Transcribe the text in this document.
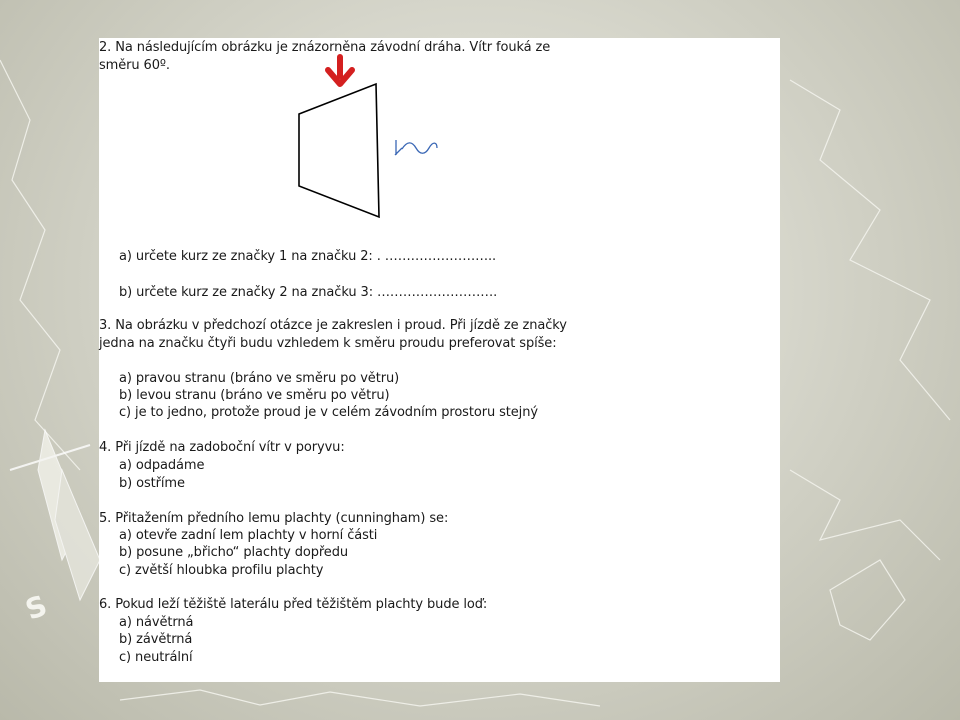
S

2. Na následujícím obrázku je znázorněna závodní dráha. Vítr fouká ze

směru 60º.

a) určete kurz ze značky 1 na značku 2: . ……………………..

b) určete kurz ze značky 2 na značku 3: ……………………….

3. Na obrázku v předchozí otázce je zakreslen i proud. Při jízdě ze značky

jedna na značku čtyři budu vzhledem k směru proudu preferovat spíše:

a) pravou stranu (bráno ve směru po větru)

b) levou stranu (bráno ve směru po větru)

c) je to jedno, protože proud je v celém závodním prostoru stejný

4. Při jízdě na zadoboční vítr v poryvu:

a) odpadáme

b) ostříme

5. Přitažením předního lemu plachty (cunningham) se:

a) otevře zadní lem plachty v horní části

b) posune „břicho“ plachty dopředu

c) zvětší hloubka profilu plachty

6. Pokud leží těžiště laterálu před těžištěm plachty bude loď:

a) návětrná

b) závětrná

c) neutrální
